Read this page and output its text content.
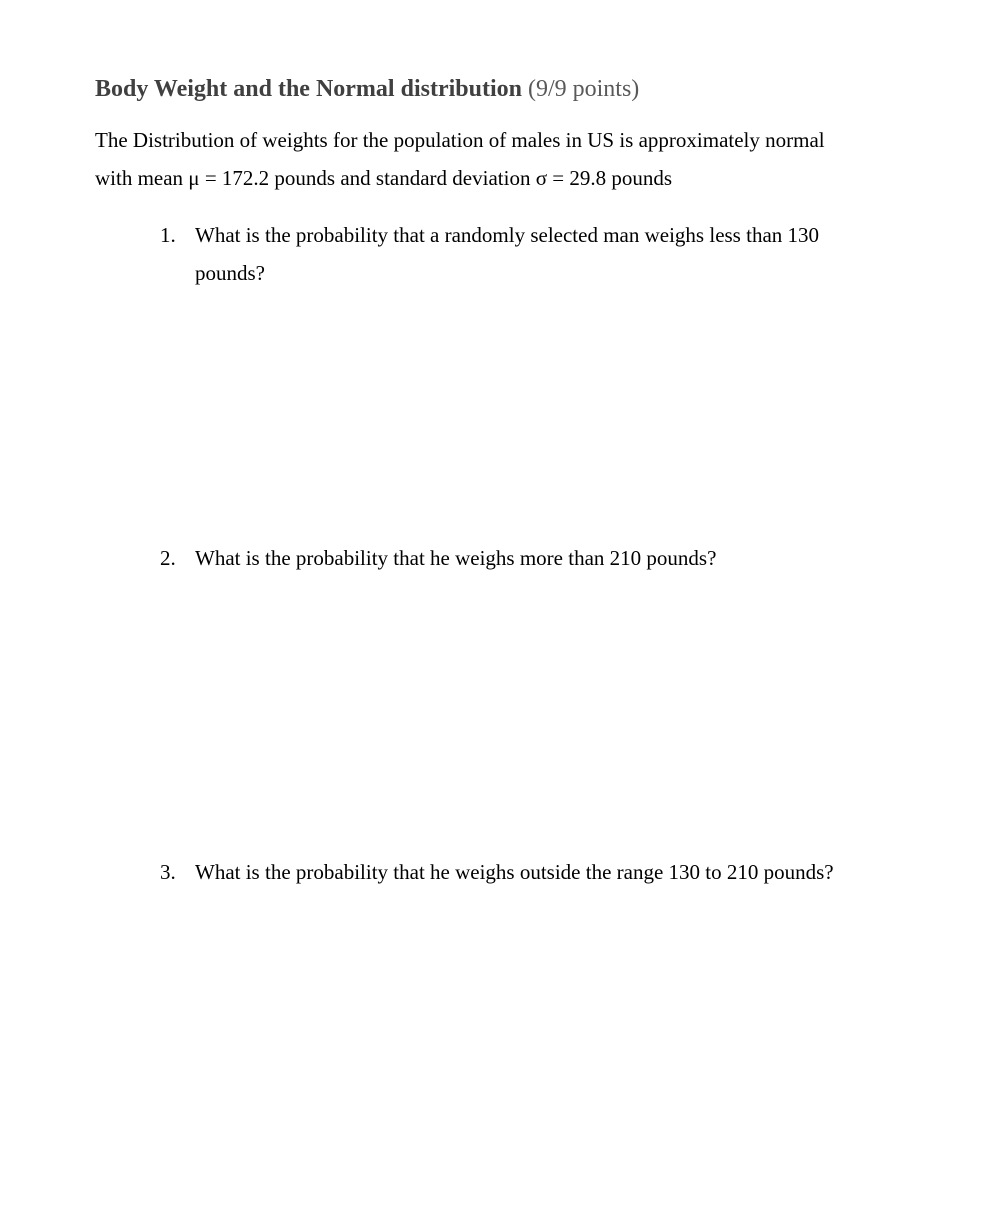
Body Weight and the Normal distribution (9/9 points)

The Distribution of weights for the population of males in US is approximately normal
with mean μ = 172.2 pounds and standard deviation σ = 29.8 pounds

1. What is the probability that a randomly selected man weighs less than 130
pounds?
2. What is the probability that he weighs more than 210 pounds?
3. What is the probability that he weighs outside the range 130 to 210 pounds?
